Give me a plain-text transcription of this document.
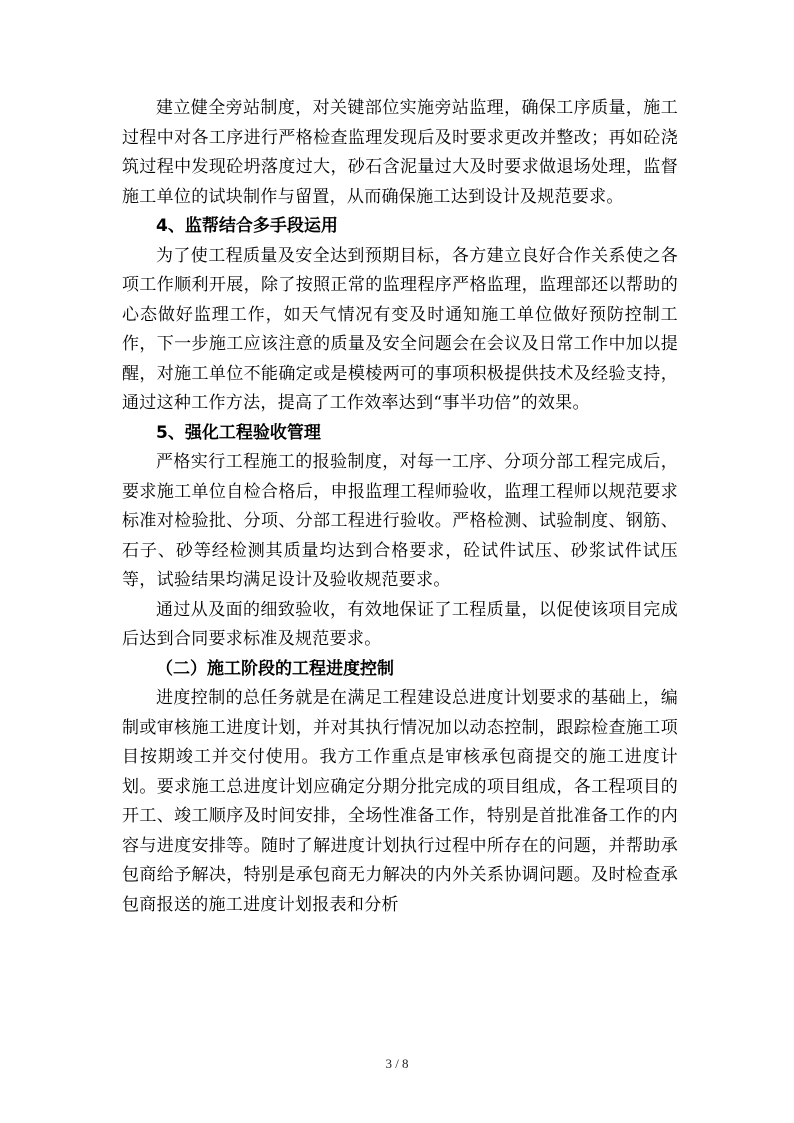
建立健全旁站制度，对关键部位实施旁站监理，确保工序质量，施工过程中对各工序进行严格检查监理发现后及时要求更改并整改；再如砼浇筑过程中发现砼坍落度过大，砂石含泥量过大及时要求做退场处理，监督施工单位的试块制作与留置，从而确保施工达到设计及规范要求。

4、监帮结合多手段运用

为了使工程质量及安全达到预期目标，各方建立良好合作关系使之各项工作顺利开展，除了按照正常的监理程序严格监理，监理部还以帮助的心态做好监理工作，如天气情况有变及时通知施工单位做好预防控制工作，下一步施工应该注意的质量及安全问题会在会议及日常工作中加以提醒，对施工单位不能确定或是模棱两可的事项积极提供技术及经验支持，通过这种工作方法，提高了工作效率达到“事半功倍”的效果。

5、强化工程验收管理

严格实行工程施工的报验制度，对每一工序、分项分部工程完成后，要求施工单位自检合格后，申报监理工程师验收，监理工程师以规范要求标准对检验批、分项、分部工程进行验收。严格检测、试验制度、钢筋、石子、砂等经检测其质量均达到合格要求，砼试件试压、砂浆试件试压等，试验结果均满足设计及验收规范要求。

通过从及面的细致验收，有效地保证了工程质量，以促使该项目完成后达到合同要求标准及规范要求。

（二）施工阶段的工程进度控制

进度控制的总任务就是在满足工程建设总进度计划要求的基础上，编制或审核施工进度计划，并对其执行情况加以动态控制，跟踪检查施工项目按期竣工并交付使用。我方工作重点是审核承包商提交的施工进度计划。要求施工总进度计划应确定分期分批完成的项目组成，各工程项目的开工、竣工顺序及时间安排，全场性准备工作，特别是首批准备工作的内容与进度安排等。随时了解进度计划执行过程中所存在的问题，并帮助承包商给予解决，特别是承包商无力解决的内外关系协调问题。及时检查承包商报送的施工进度计划报表和分析

3 / 8
